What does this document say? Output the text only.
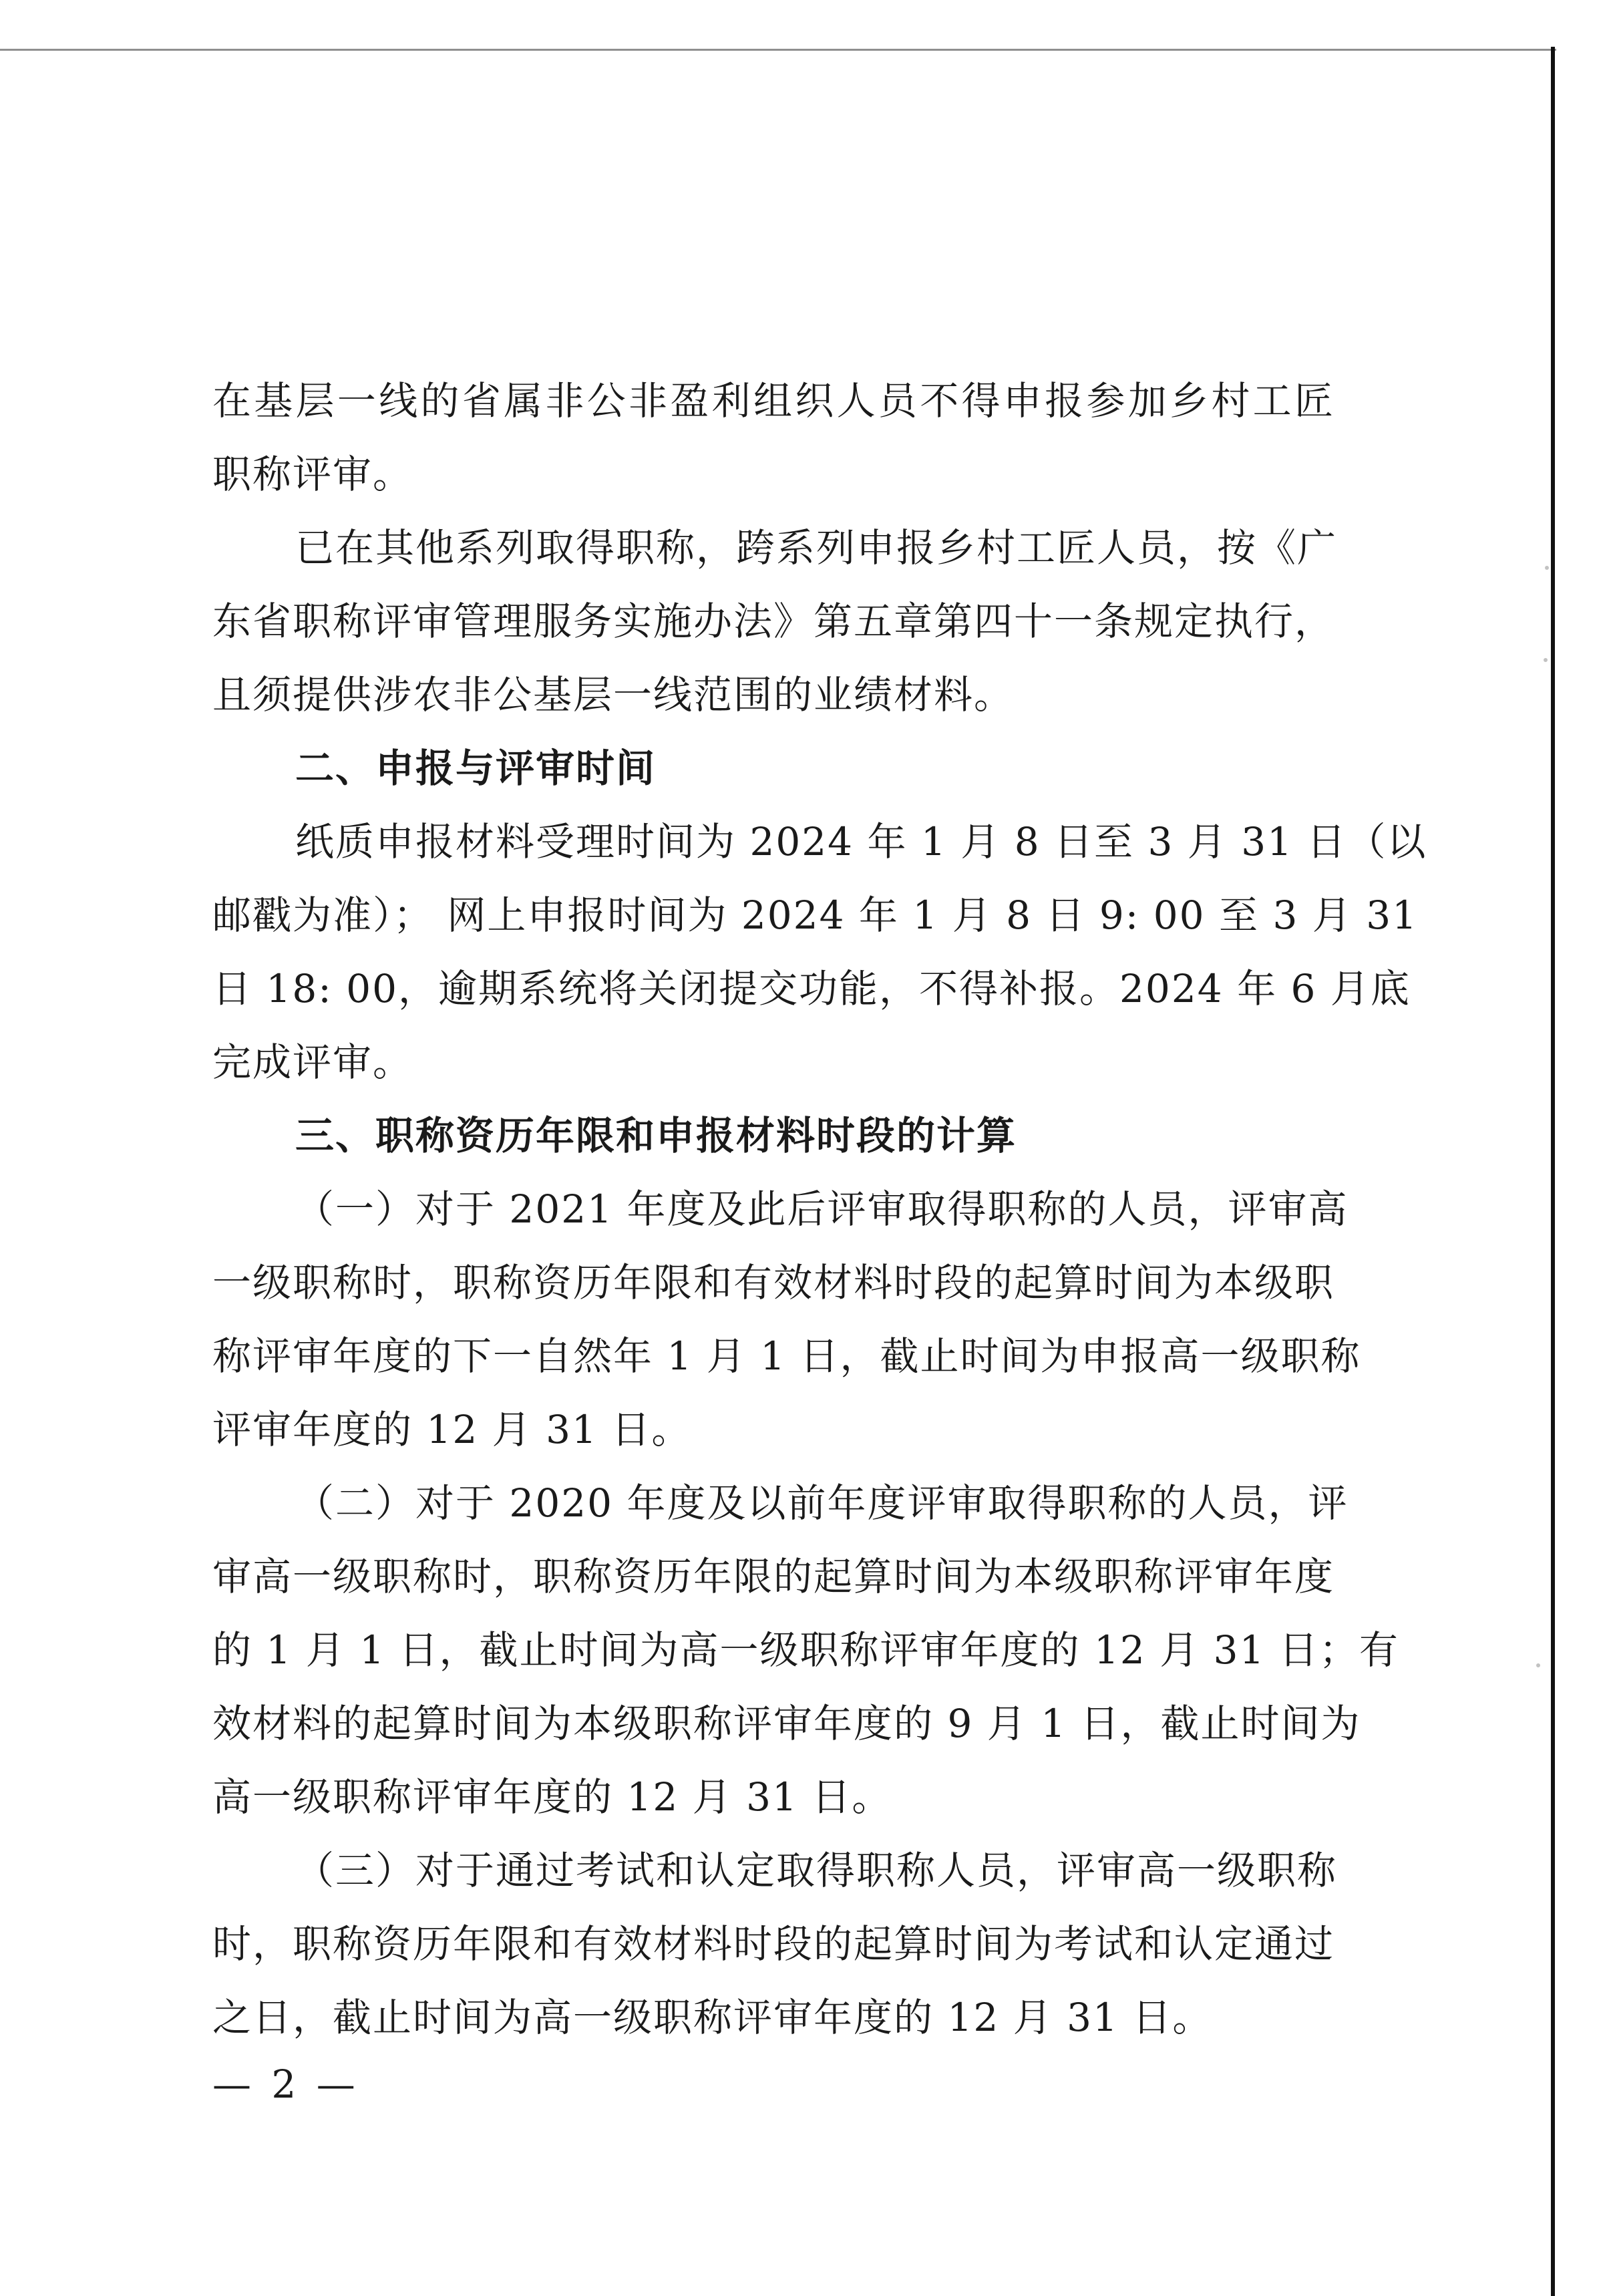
在基层一线的省属非公非盈利组织人员不得申报参加乡村工匠
职称评审。
已在其他系列取得职称，跨系列申报乡村工匠人员，按《广
东省职称评审管理服务实施办法》第五章第四十一条规定执行，
且须提供涉农非公基层一线范围的业绩材料。
二、申报与评审时间
纸质申报材料受理时间为 2024 年 1 月 8 日至 3 月 31 日（以
邮戳为准）； 网上申报时间为 2024 年 1 月 8 日 9: 00 至 3 月 31
日 18: 00，逾期系统将关闭提交功能，不得补报。2024 年 6 月底
完成评审。
三、职称资历年限和申报材料时段的计算
（一）对于 2021 年度及此后评审取得职称的人员，评审高
一级职称时，职称资历年限和有效材料时段的起算时间为本级职
称评审年度的下一自然年 1 月 1 日，截止时间为申报高一级职称
评审年度的 12 月 31 日。
（二）对于 2020 年度及以前年度评审取得职称的人员，评
审高一级职称时，职称资历年限的起算时间为本级职称评审年度
的 1 月 1 日，截止时间为高一级职称评审年度的 12 月 31 日；有
效材料的起算时间为本级职称评审年度的 9 月 1 日，截止时间为
高一级职称评审年度的 12 月 31 日。
（三）对于通过考试和认定取得职称人员，评审高一级职称
时，职称资历年限和有效材料时段的起算时间为考试和认定通过
之日，截止时间为高一级职称评审年度的 12 月 31 日。
— 2 —
